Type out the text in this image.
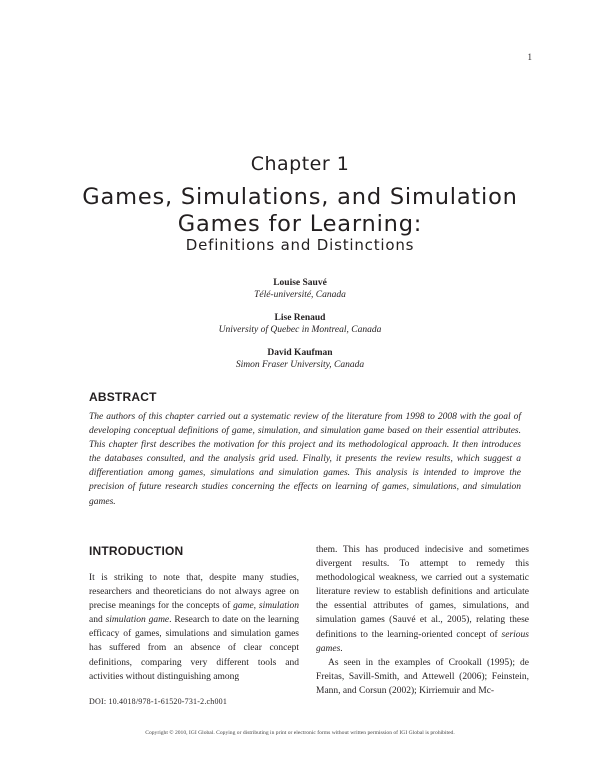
1
Chapter 1
Games, Simulations, and Simulation Games for Learning:
Definitions and Distinctions
Louise Sauvé
Télé-université, Canada
Lise Renaud
University of Quebec in Montreal, Canada
David Kaufman
Simon Fraser University, Canada
ABSTRACT

The authors of this chapter carried out a systematic review of the literature from 1998 to 2008 with the goal of developing conceptual definitions of game, simulation, and simulation game based on their essential attributes. This chapter first describes the motivation for this project and its methodological approach. It then introduces the databases consulted, and the analysis grid used. Finally, it presents the review results, which suggest a differentiation among games, simulations and simulation games. This analysis is intended to improve the precision of future research studies concerning the effects on learning of games, simulations, and simulation games.

INTRODUCTION

It is striking to note that, despite many studies, researchers and theoreticians do not always agree on precise meanings for the concepts of game, simulation and simulation game. Research to date on the learning efficacy of games, simulations and simulation games has suffered from an absence of clear concept definitions, comparing very different tools and activities without distinguishing among

them. This has produced indecisive and sometimes divergent results. To attempt to remedy this methodological weakness, we carried out a systematic literature review to establish definitions and articulate the essential attributes of games, simulations, and simulation games (Sauvé et al., 2005), relating these definitions to the learning-oriented concept of serious games.

As seen in the examples of Crookall (1995); de Freitas, Savill-Smith, and Attewell (2006); Feinstein, Mann, and Corsun (2002); Kirriemuir and Mc-

DOI: 10.4018/978-1-61520-731-2.ch001
Copyright © 2010, IGI Global. Copying or distributing in print or electronic forms without written permission of IGI Global is prohibited.
